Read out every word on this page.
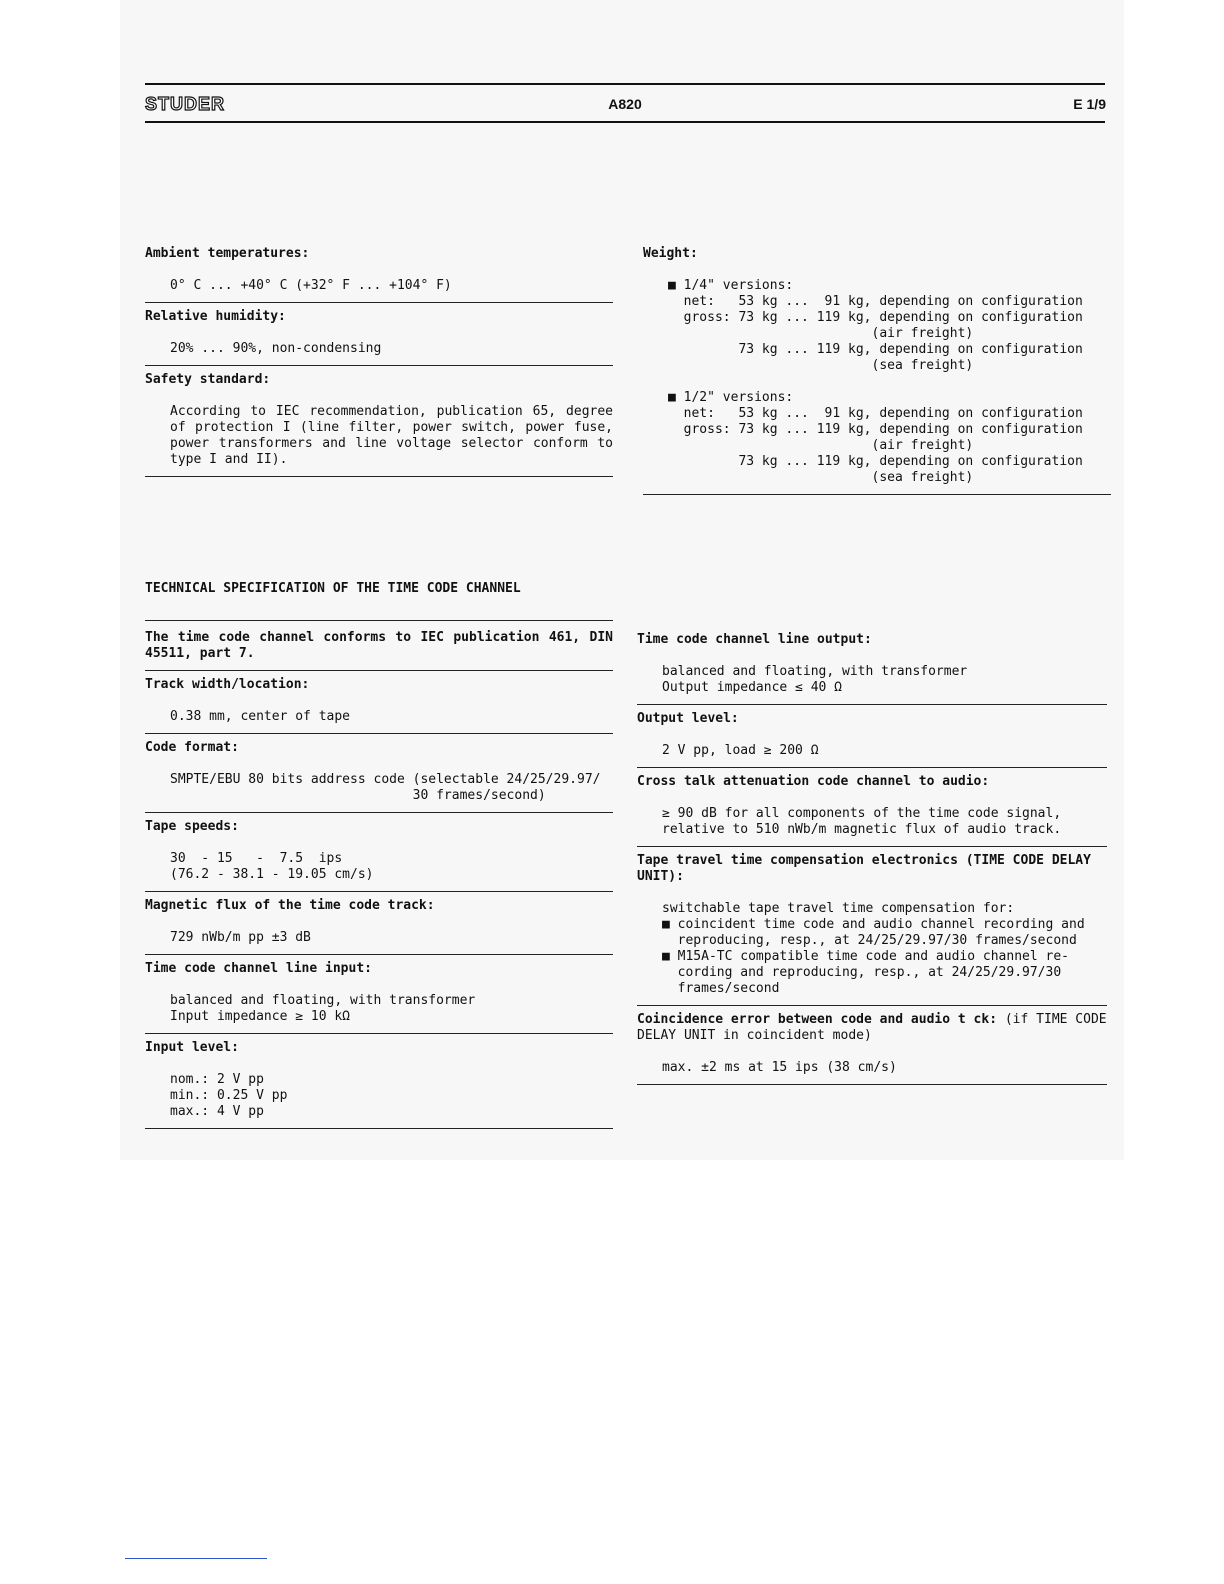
STUDER	A820	E 1/9
Ambient temperatures:
0° C ... +40° C (+32° F ... +104° F)
Relative humidity:
20% ... 90%, non-condensing
Safety standard:
According to IEC recommendation, publication 65, degree of protection I (line filter, power switch, power fuse, power transformers and line voltage selector conform to type I and II).
Weight:
■ 1/4" versions:
net:   53 kg ...  91 kg, depending on configuration
gross: 73 kg ... 119 kg, depending on configuration
(air freight)
73 kg ... 119 kg, depending on configuration
(sea freight)

■ 1/2" versions:
net:   53 kg ...  91 kg, depending on configuration
gross: 73 kg ... 119 kg, depending on configuration
(air freight)
73 kg ... 119 kg, depending on configuration
(sea freight)
TECHNICAL SPECIFICATION OF THE TIME CODE CHANNEL
The time code channel conforms to IEC publication 461, DIN 45511, part 7.
Track width/location:
0.38 mm, center of tape
Code format:
SMPTE/EBU 80 bits address code (selectable 24/25/29.97/
30 frames/second)
Tape speeds:
30  - 15   -  7.5  ips
(76.2 - 38.1 - 19.05 cm/s)
Magnetic flux of the time code track:
729 nWb/m pp ±3 dB
Time code channel line input:
balanced and floating, with transformer
Input impedance ≥ 10 kΩ
Input level:
nom.: 2 V pp
min.: 0.25 V pp
max.: 4 V pp
Time code channel line output:
balanced and floating, with transformer
Output impedance ≤ 40 Ω
Output level:
2 V pp, load ≥ 200 Ω
Cross talk attenuation code channel to audio:
≥ 90 dB for all components of the time code signal,
relative to 510 nWb/m magnetic flux of audio track.
Tape travel time compensation electronics (TIME CODE DELAY UNIT):
switchable tape travel time compensation for:
■ coincident time code and audio channel recording and
reproducing, resp., at 24/25/29.97/30 frames/second
■ M15A-TC compatible time code and audio channel re-
cording and reproducing, resp., at 24/25/29.97/30
frames/second
Coincidence error between code and audio t ck: (if TIME CODE DELAY UNIT in coincident mode)
max. ±2 ms at 15 ips (38 cm/s)
